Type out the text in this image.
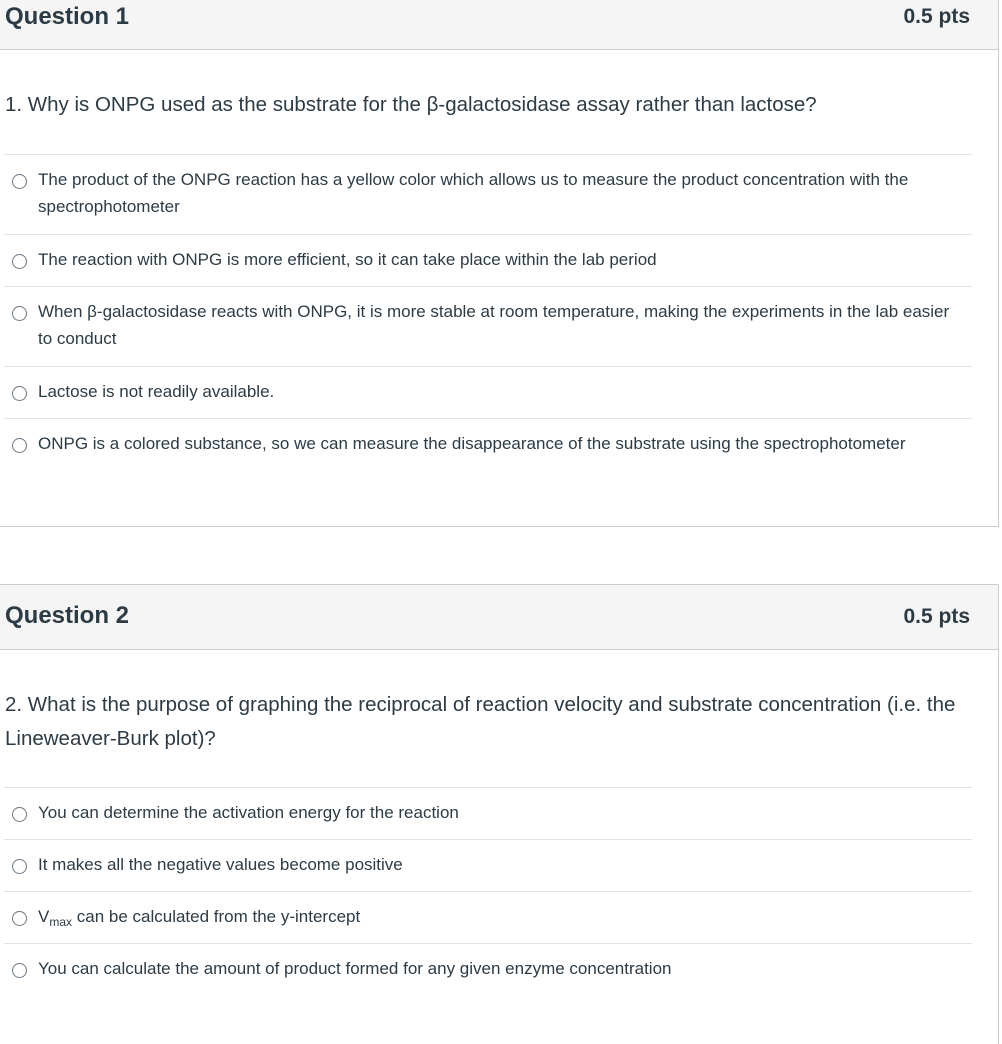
Question 1	0.5 pts
1. Why is ONPG used as the substrate for the β-galactosidase assay rather than lactose?
The product of the ONPG reaction has a yellow color which allows us to measure the product concentration with the spectrophotometer
The reaction with ONPG is more efficient, so it can take place within the lab period
When β-galactosidase reacts with ONPG, it is more stable at room temperature, making the experiments in the lab easier to conduct
Lactose is not readily available.
ONPG is a colored substance, so we can measure the disappearance of the substrate using the spectrophotometer
Question 2	0.5 pts
2. What is the purpose of graphing the reciprocal of reaction velocity and substrate concentration (i.e. the Lineweaver-Burk plot)?
You can determine the activation energy for the reaction
It makes all the negative values become positive
$V_{max}$ can be calculated from the y-intercept
You can calculate the amount of product formed for any given enzyme concentration
